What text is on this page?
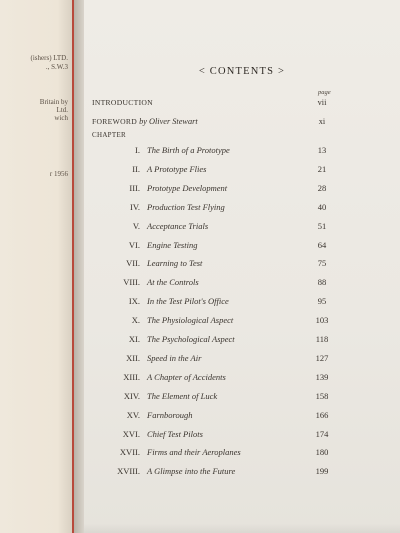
(ishers) LTD.
., S.W.3
Britain by
Ltd.
wich
r 1956
< CONTENTS >
page
INTRODUCTION	vii
FOREWORD by Oliver Stewart	xi
CHAPTER
I. The Birth of a Prototype	13
II. A Prototype Flies	21
III. Prototype Development	28
IV. Production Test Flying	40
V. Acceptance Trials	51
VI. Engine Testing	64
VII. Learning to Test	75
VIII. At the Controls	88
IX. In the Test Pilot's Office	95
X. The Physiological Aspect	103
XI. The Psychological Aspect	118
XII. Speed in the Air	127
XIII. A Chapter of Accidents	139
XIV. The Element of Luck	158
XV. Farnborough	166
XVI. Chief Test Pilots	174
XVII. Firms and their Aeroplanes	180
XVIII. A Glimpse into the Future	199
